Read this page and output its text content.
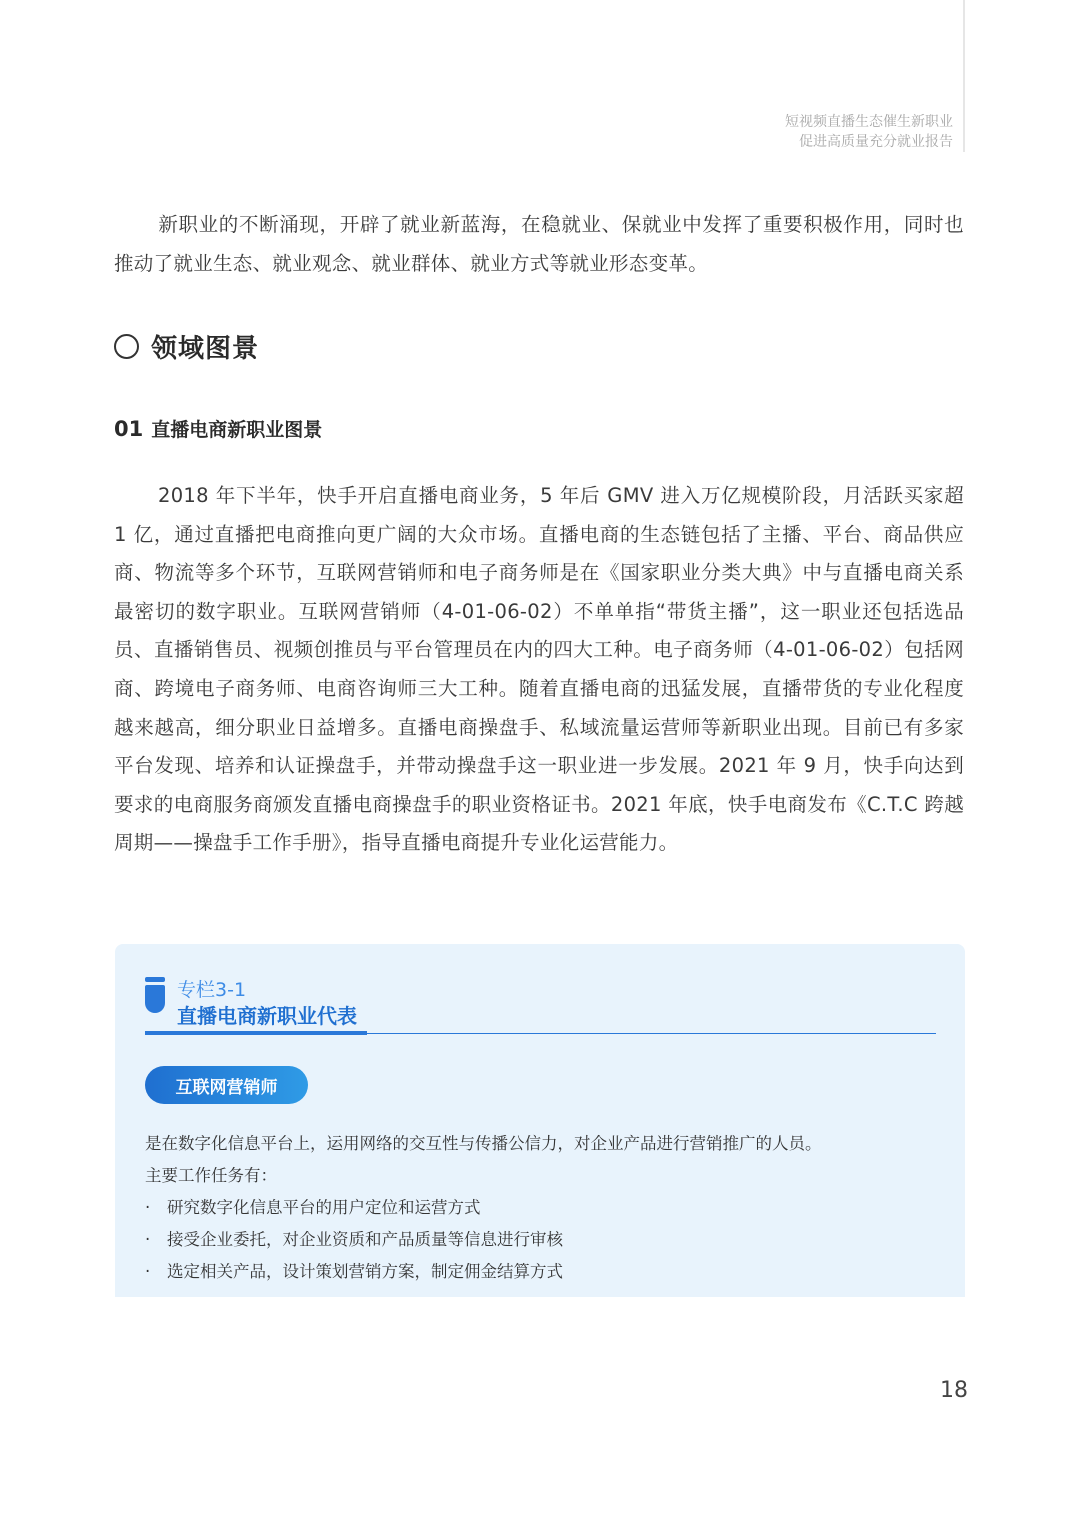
短视频直播生态催生新职业
促进高质量充分就业报告

新职业的不断涌现，开辟了就业新蓝海，在稳就业、保就业中发挥了重要积极作用，同时也推动了就业生态、就业观念、就业群体、就业方式等就业形态变革。

领域图景
01 直播电商新职业图景

2018 年下半年，快手开启直播电商业务，5 年后 GMV 进入万亿规模阶段，月活跃买家超 1 亿，通过直播把电商推向更广阔的大众市场。直播电商的生态链包括了主播、平台、商品供应商、物流等多个环节，互联网营销师和电子商务师是在《国家职业分类大典》中与直播电商关系最密切的数字职业。互联网营销师（4-01-06-02）不单单指“带货主播”，这一职业还包括选品员、直播销售员、视频创推员与平台管理员在内的四大工种。电子商务师（4-01-06-02）包括网商、跨境电子商务师、电商咨询师三大工种。随着直播电商的迅猛发展，直播带货的专业化程度越来越高，细分职业日益增多。直播电商操盘手、私域流量运营师等新职业出现。目前已有多家平台发现、培养和认证操盘手，并带动操盘手这一职业进一步发展。2021 年 9 月，快手向达到要求的电商服务商颁发直播电商操盘手的职业资格证书。2021 年底，快手电商发布《C.T.C 跨越周期——操盘手工作手册》，指导直播电商提升专业化运营能力。

专栏3-1
直播电商新职业代表
互联网营销师
是在数字化信息平台上，运用网络的交互性与传播公信力，对企业产品进行营销推广的人员。
主要工作任务有：
· 研究数字化信息平台的用户定位和运营方式
· 接受企业委托，对企业资质和产品质量等信息进行审核
· 选定相关产品，设计策划营销方案，制定佣金结算方式
18
